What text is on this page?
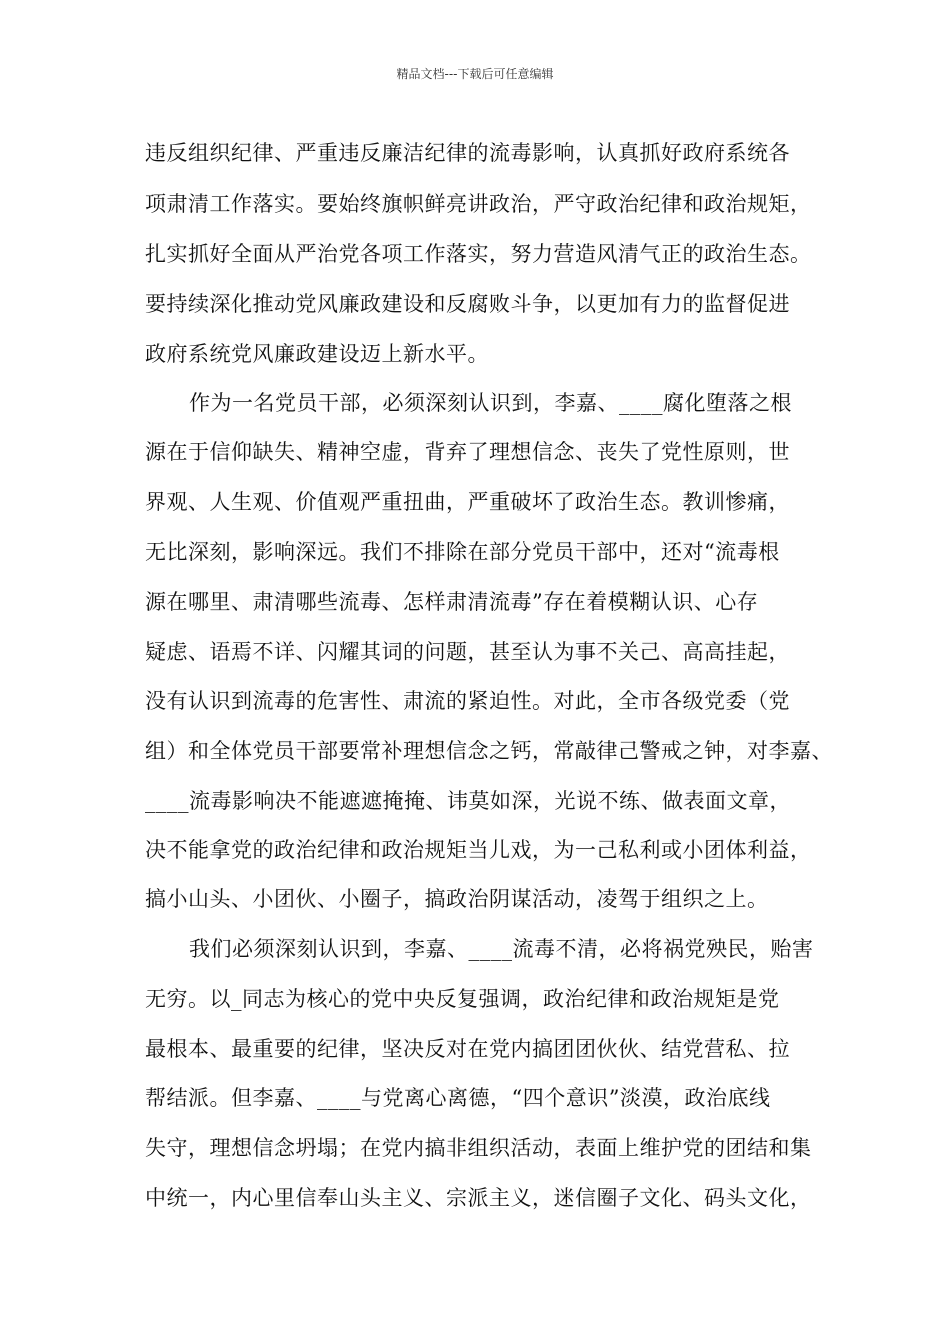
精品文档---下载后可任意编辑
违反组织纪律、严重违反廉洁纪律的流毒影响，认真抓好政府系统各
项肃清工作落实。要始终旗帜鲜亮讲政治，严守政治纪律和政治规矩，
扎实抓好全面从严治党各项工作落实，努力营造风清气正的政治生态。
要持续深化推动党风廉政建设和反腐败斗争，以更加有力的监督促进
政府系统党风廉政建设迈上新水平。
作为一名党员干部，必须深刻认识到，李嘉、____腐化堕落之根
源在于信仰缺失、精神空虚，背弃了理想信念、丧失了党性原则，世
界观、人生观、价值观严重扭曲，严重破坏了政治生态。教训惨痛，
无比深刻，影响深远。我们不排除在部分党员干部中，还对“流毒根
源在哪里、肃清哪些流毒、怎样肃清流毒”存在着模糊认识、心存
疑虑、语焉不详、闪耀其词的问题，甚至认为事不关己、高高挂起，
没有认识到流毒的危害性、肃流的紧迫性。对此，全市各级党委（党
组）和全体党员干部要常补理想信念之钙，常敲律己警戒之钟，对李嘉、
____流毒影响决不能遮遮掩掩、讳莫如深，光说不练、做表面文章，
决不能拿党的政治纪律和政治规矩当儿戏，为一己私利或小团体利益，
搞小山头、小团伙、小圈子，搞政治阴谋活动，凌驾于组织之上。
我们必须深刻认识到，李嘉、____流毒不清，必将祸党殃民，贻害
无穷。以_同志为核心的党中央反复强调，政治纪律和政治规矩是党
最根本、最重要的纪律，坚决反对在党内搞团团伙伙、结党营私、拉
帮结派。但李嘉、____与党离心离德，“四个意识”淡漠，政治底线
失守，理想信念坍塌；在党内搞非组织活动，表面上维护党的团结和集
中统一，内心里信奉山头主义、宗派主义，迷信圈子文化、码头文化，
